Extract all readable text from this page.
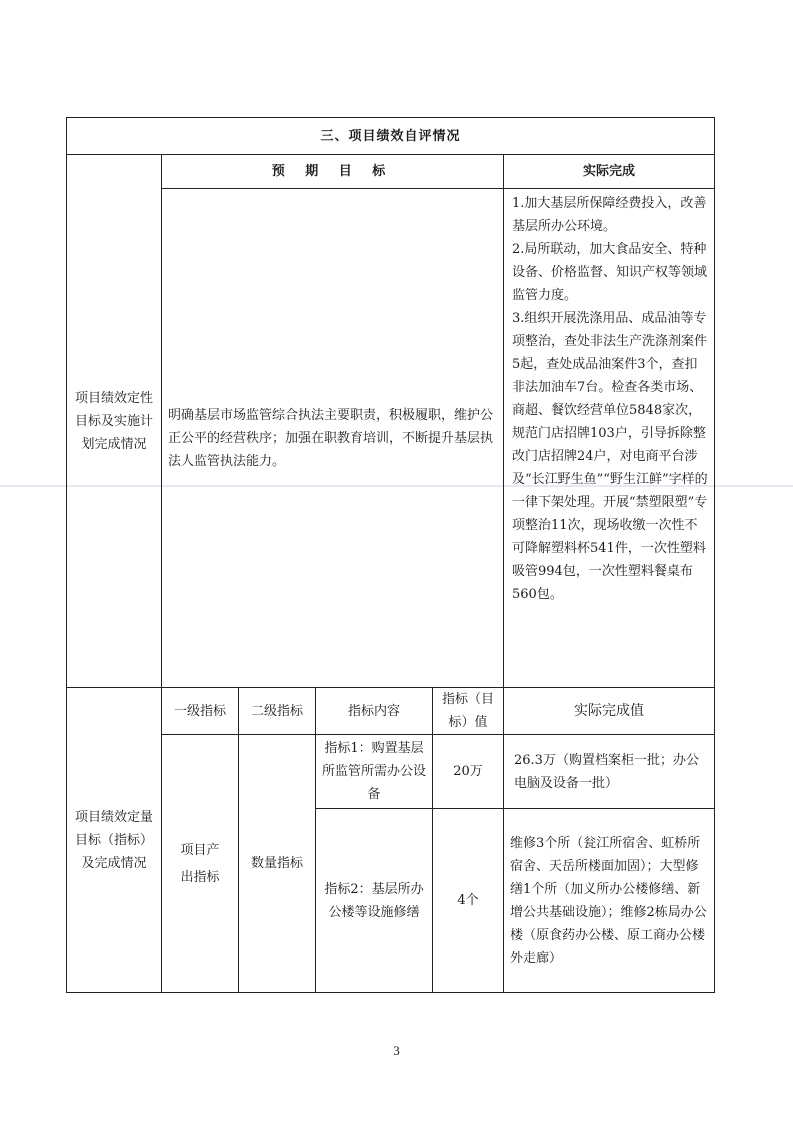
三、项目绩效自评情况					
项目绩效定性目标及实施计划完成情况	预 期 目 标				实际完成
	明确基层市场监管综合执法主要职责，积极履职，维护公正公平的经营秩序；加强在职教育培训，不断提升基层执法人监管执法能力。				1.加大基层所保障经费投入，改善基层所办公环境。

2.局所联动，加大食品安全、特种设备、价格监督、知识产权等领域监管力度。

3.组织开展洗涤用品、成品油等专项整治，查处非法生产洗涤剂案件5起，查处成品油案件3个，查扣非法加油车7台。检查各类市场、商超、餐饮经营单位5848家次，规范门店招牌103户，引导拆除整改门店招牌24户，对电商平台涉及“长江野生鱼”“野生江鲜”字样的一律下架处理。开展“禁塑限塑”专项整治11次，现场收缴一次性不可降解塑料杯541件，一次性塑料吸管994包，一次性塑料餐桌布560包。

项目绩效定量目标（指标）及完成情况	一级指标	二级指标	指标内容	指标（目标）值	实际完成值
	项目产出指标	数量指标	指标1：购置基层所监管所需办公设备	20万	26.3万（购置档案柜一批；办公电脑及设备一批）
			指标2：基层所办公楼等设施修缮	4个	维修3个所（瓮江所宿舍、虹桥所宿舍、天岳所楼面加固）；大型修缮1个所（加义所办公楼修缮、新增公共基础设施）；维修2栋局办公楼（原食药办公楼、原工商办公楼外走廊）
3
